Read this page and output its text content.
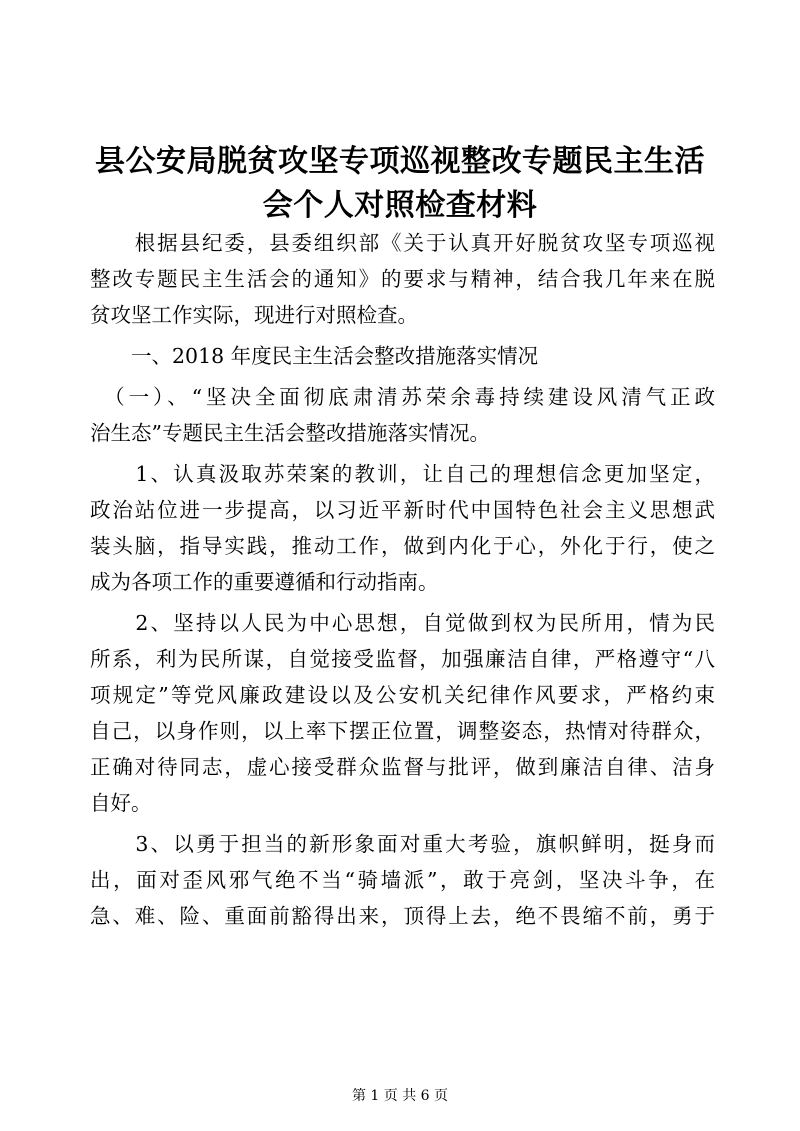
县公安局脱贫攻坚专项巡视整改专题民主生活
会个人对照检查材料
　　根据县纪委，县委组织部《关于认真开好脱贫攻坚专项巡视
整改专题民主生活会的通知》的要求与精神，结合我几年来在脱
贫攻坚工作实际，现进行对照检查。
　　一、2018 年度民主生活会整改措施落实情况
　（一）、“坚决全面彻底肃清苏荣余毒持续建设风清气正政
治生态”专题民主生活会整改措施落实情况。
　　1、认真汲取苏荣案的教训，让自己的理想信念更加坚定，
政治站位进一步提高，以习近平新时代中国特色社会主义思想武
装头脑，指导实践，推动工作，做到内化于心，外化于行，使之
成为各项工作的重要遵循和行动指南。
　　2、坚持以人民为中心思想，自觉做到权为民所用，情为民
所系，利为民所谋，自觉接受监督，加强廉洁自律，严格遵守“八
项规定”等党风廉政建设以及公安机关纪律作风要求，严格约束
自己，以身作则，以上率下摆正位置，调整姿态，热情对待群众，
正确对待同志，虚心接受群众监督与批评，做到廉洁自律、洁身
自好。
　　3、以勇于担当的新形象面对重大考验，旗帜鲜明，挺身而
出，面对歪风邪气绝不当“骑墙派”，敢于亮剑，坚决斗争，在
急、难、险、重面前豁得出来，顶得上去，绝不畏缩不前，勇于
第 1 页 共 6 页
